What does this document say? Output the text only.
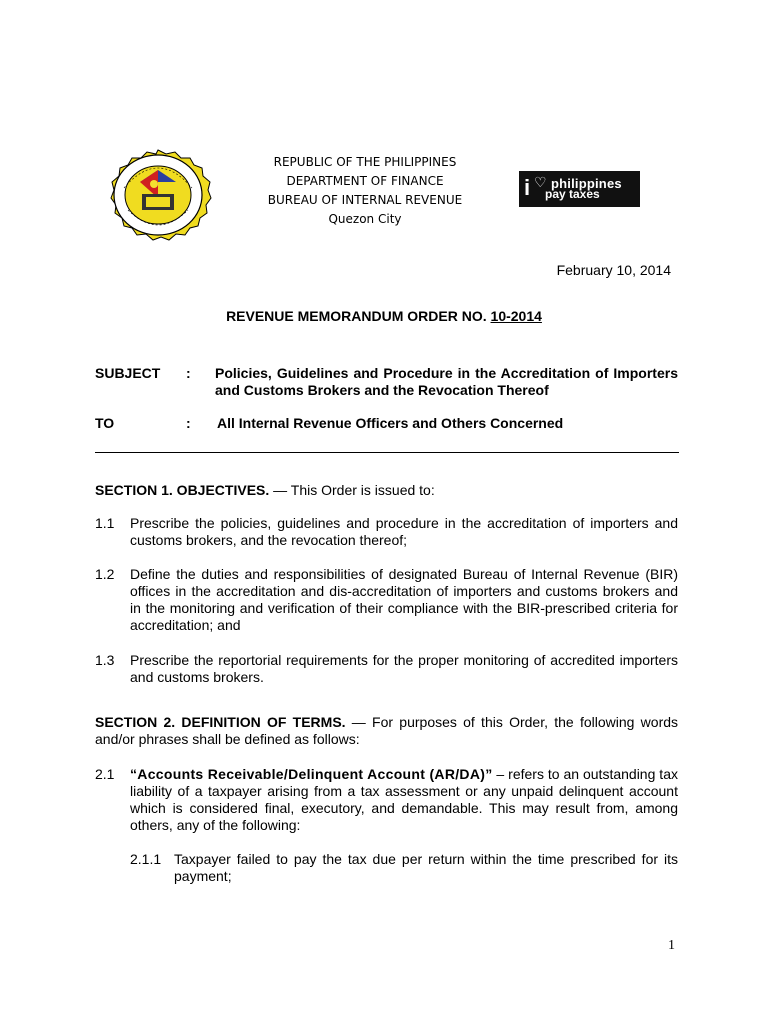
REPUBLIC OF THE PHILIPPINES
DEPARTMENT OF FINANCE
BUREAU OF INTERNAL REVENUE
Quezon City
i ♡ philippines
pay taxes
February 10, 2014
REVENUE MEMORANDUM ORDER NO. 10-2014
SUBJECT : Policies, Guidelines and Procedure in the Accreditation of Importers and Customs Brokers and the Revocation Thereof
TO	: All Internal Revenue Officers and Others Concerned
SECTION 1. OBJECTIVES. — This Order is issued to:
1.1 Prescribe the policies, guidelines and procedure in the accreditation of importers and customs brokers, and the revocation thereof;
1.2 Define the duties and responsibilities of designated Bureau of Internal Revenue (BIR) offices in the accreditation and dis-accreditation of importers and customs brokers and in the monitoring and verification of their compliance with the BIR-prescribed criteria for accreditation; and
1.3 Prescribe the reportorial requirements for the proper monitoring of accredited importers and customs brokers.
SECTION 2. DEFINITION OF TERMS. — For purposes of this Order, the following words and/or phrases shall be defined as follows:
2.1 “Accounts Receivable/Delinquent Account (AR/DA)” – refers to an outstanding tax liability of a taxpayer arising from a tax assessment or any unpaid delinquent account which is considered final, executory, and demandable. This may result from, among others, any of the following:
2.1.1 Taxpayer failed to pay the tax due per return within the time prescribed for its payment;
1
